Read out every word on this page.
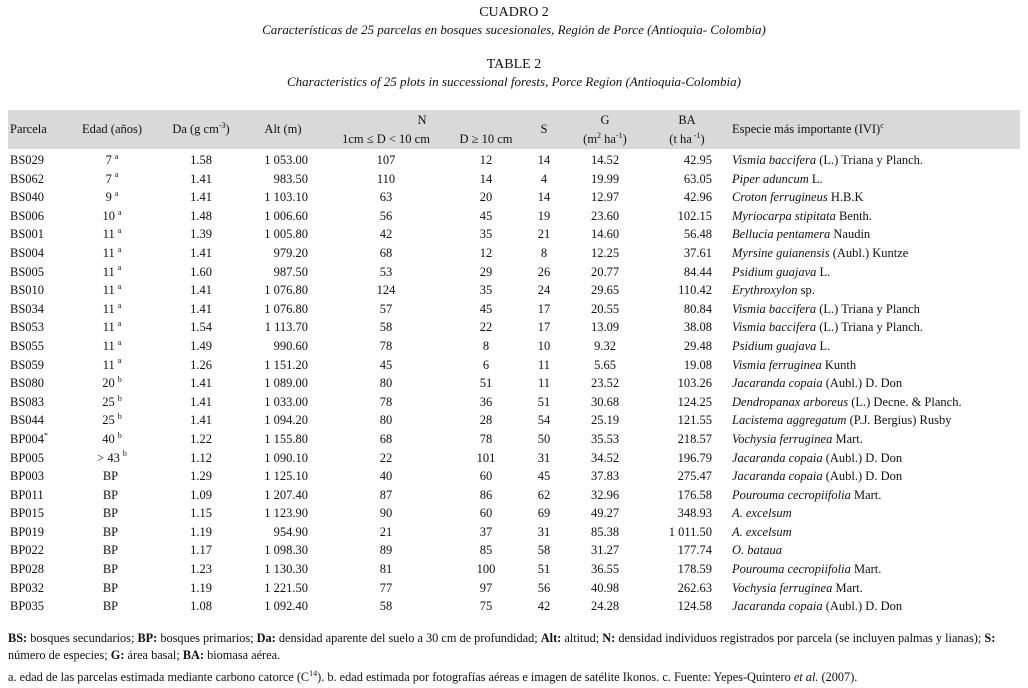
CUADRO 2
Características de 25 parcelas en bosques sucesionales, Región de Porce (Antioquia- Colombia)
TABLE 2
Characteristics of 25 plots in successional forests, Porce Region (Antioquia-Colombia)
Parcela	Edad (años)	Da (g $cm^{-3}$)	Alt (m)	N		S	G	BA	Especie más importante (IVI)$^c$
				1cm ≤ D < 10 cm	D ≥ 10 cm		($m^2$ $ha^{-1}$)	(t ha $^{-1}$)	
BS029	7 $^a$	1.58	1 053.00	107	12	14	14.52	42.95	Vismia baccifera (L.) Triana y Planch.
BS062	7 $^a$	1.41	983.50	110	14	4	19.99	63.05	Piper aduncum L.
BS040	9 $^a$	1.41	1 103.10	63	20	14	12.97	42.96	Croton ferrugineus H.B.K
BS006	10 $^a$	1.48	1 006.60	56	45	19	23.60	102.15	Myriocarpa stipitata Benth.
BS001	11 $^a$	1.39	1 005.80	42	35	21	14.60	56.48	Bellucia pentamera Naudin
BS004	11 $^a$	1.41	979.20	68	12	8	12.25	37.61	Myrsine guianensis (Aubl.) Kuntze
BS005	11 $^a$	1.60	987.50	53	29	26	20.77	84.44	Psidium guajava L.
BS010	11 $^a$	1.41	1 076.80	124	35	24	29.65	110.42	Erythroxylon sp.
BS034	11 $^a$	1.41	1 076.80	57	45	17	20.55	80.84	Vismia baccifera (L.) Triana y Planch
BS053	11 $^a$	1.54	1 113.70	58	22	17	13.09	38.08	Vismia baccifera (L.) Triana y Planch.
BS055	11 $^a$	1.49	990.60	78	8	10	9.32	29.48	Psidium guajava L.
BS059	11 $^a$	1.26	1 151.20	45	6	11	5.65	19.08	Vismia ferruginea Kunth
BS080	20 $^b$	1.41	1 089.00	80	51	11	23.52	103.26	Jacaranda copaia (Aubl.) D. Don
BS083	25 $^b$	1.41	1 033.00	78	36	51	30.68	124.25	Dendropanax arboreus (L.) Decne. & Planch.
BS044	25 $^b$	1.41	1 094.20	80	28	54	25.19	121.55	Lacistema aggregatum (P.J. Bergius) Rusby
BP004*	40 $^b$	1.22	1 155.80	68	78	50	35.53	218.57	Vochysia ferruginea Mart.
BP005	> 43 $^b$	1.12	1 090.10	22	101	31	34.52	196.79	Jacaranda copaia (Aubl.) D. Don
BP003	BP	1.29	1 125.10	40	60	45	37.83	275.47	Jacaranda copaia (Aubl.) D. Don
BP011	BP	1.09	1 207.40	87	86	62	32.96	176.58	Pourouma cecropiifolia Mart.
BP015	BP	1.15	1 123.90	90	60	69	49.27	348.93	A. excelsum
BP019	BP	1.19	954.90	21	37	31	85.38	1 011.50	A. excelsum
BP022	BP	1.17	1 098.30	89	85	58	31.27	177.74	O. bataua
BP028	BP	1.23	1 130.30	81	100	51	36.55	178.59	Pourouma cecropiifolia Mart.
BP032	BP	1.19	1 221.50	77	97	56	40.98	262.63	Vochysia ferruginea Mart.
BP035	BP	1.08	1 092.40	58	75	42	24.28	124.58	Jacaranda copaia (Aubl.) D. Don

BS: bosques secundarios; BP: bosques primarios; Da: densidad aparente del suelo a 30 cm de profundidad; Alt: altitud; N: densidad individuos registrados por parcela (se incluyen palmas y lianas); S: número de especies; G: área basal; BA: biomasa aérea.

a. edad de las parcelas estimada mediante carbono catorce $(C^{14})$. b. edad estimada por fotografías aéreas e imagen de satélite Ikonos. c. Fuente: Yepes-Quintero et al. (2007).
